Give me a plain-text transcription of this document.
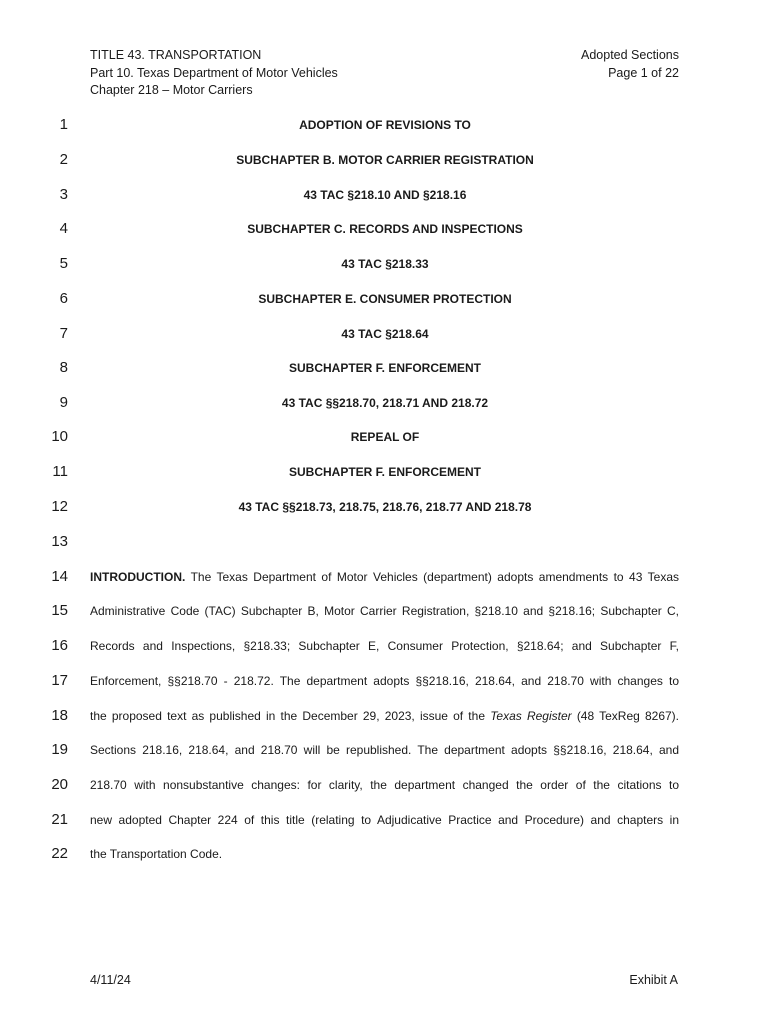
TITLE 43. TRANSPORTATION
Part 10. Texas Department of Motor Vehicles
Chapter 218 – Motor Carriers
Adopted Sections
Page 1 of 22
1
2
3
4
5
6
7
8
9
10
11
12
13
14
15
16
17
18
19
20
21
22
ADOPTION OF REVISIONS TO
SUBCHAPTER B. MOTOR CARRIER REGISTRATION
43 TAC §218.10 AND §218.16
SUBCHAPTER C. RECORDS AND INSPECTIONS
43 TAC §218.33
SUBCHAPTER E. CONSUMER PROTECTION
43 TAC §218.64
SUBCHAPTER F. ENFORCEMENT
43 TAC §§218.70, 218.71 AND 218.72
REPEAL OF
SUBCHAPTER F. ENFORCEMENT
43 TAC §§218.73, 218.75, 218.76, 218.77 AND 218.78
INTRODUCTION. The Texas Department of Motor Vehicles (department) adopts amendments to 43 Texas
Administrative Code (TAC) Subchapter B, Motor Carrier Registration, §218.10 and §218.16; Subchapter C,
Records and Inspections, §218.33; Subchapter E, Consumer Protection, §218.64; and Subchapter F,
Enforcement, §§218.70 - 218.72. The department adopts §§218.16, 218.64, and 218.70 with changes to
the proposed text as published in the December 29, 2023, issue of the Texas Register (48 TexReg 8267).
Sections 218.16, 218.64, and 218.70 will be republished. The department adopts §§218.16, 218.64, and
218.70 with nonsubstantive changes: for clarity, the department changed the order of the citations to
new adopted Chapter 224 of this title (relating to Adjudicative Practice and Procedure) and chapters in
the Transportation Code.
4/11/24	Exhibit A
